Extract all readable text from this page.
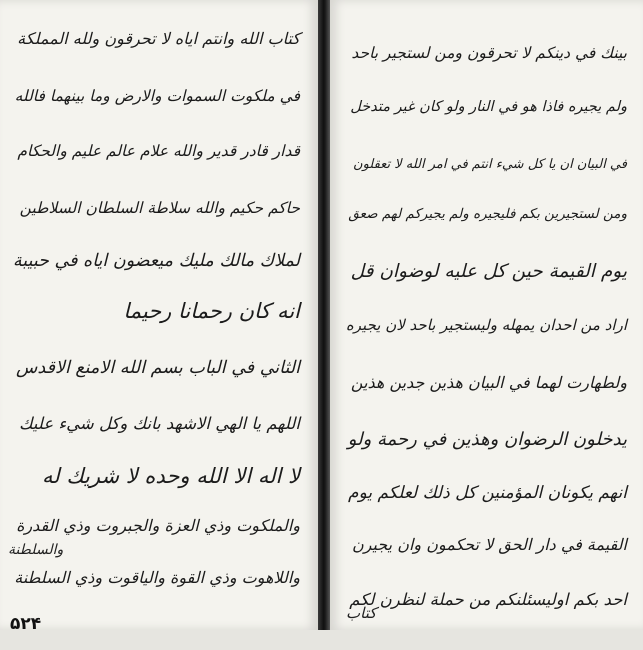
كتاب الله وانتم اياه لا تحرقون ولله المملكة
في ملكوت السموات والارض وما بينهما فالله
قدار قادر قدير والله علام عالم عليم والحكام
حاكم حكيم والله سلاطة السلطان السلاطين
لملاك مالك مليك ميعضون اياه في حبيبة
انه كان رحمانا رحيما
الثاني في الباب بسم الله الامنع الاقدس
اللهم يا الهي الاشهد بانك وكل شيء عليك
لا اله الا الله وحده لا شريك له
والملكوت وذي العزة والجبروت وذي القدرة
واللاهوت وذي القوة والياقوت وذي السلطنة
والسلطنة
بينك في دينكم لا تحرقون ومن لستجير باحد
ولم يجيره فاذا هو في النار ولو كان غير متدخل
في البيان ان يا كل شيء انتم في امر الله لا تعقلون
ومن لستجيرين بكم فليجيره ولم يجيركم لهم صعق
يوم القيمة حين كل عليه لوضوان قل
اراد من احدان يمهله وليستجير باحد لان يجيره
ولطهارت لهما في البيان هذين جدين هذين
يدخلون الرضوان وهذين في رحمة ولو
انهم يكونان المؤمنين كل ذلك لعلكم يوم
القيمة في دار الحق لا تحكمون وان يجيرن
احد بكم اوليسئلنكم من حملة لنظرن لكم
كتاب
۵۲۴
